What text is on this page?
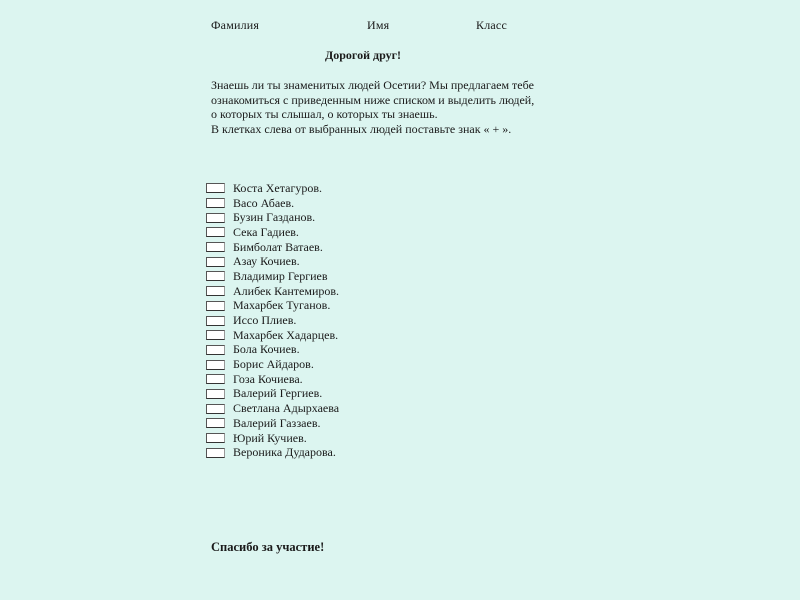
Фамилия	Имя	Класс
Дорогой друг!
Знаешь ли ты знаменитых людей Осетии? Мы предлагаем тебе
ознакомиться с приведенным ниже списком и выделить людей,
о которых ты слышал, о которых ты знаешь.
В клетках слева от выбранных людей поставьте знак « + ».
Коста Хетагуров.
Васо Абаев.
Бузин Газданов.
Сека Гадиев.
Бимболат Ватаев.
Азау Кочиев.
Владимир Гергиев
Алибек Кантемиров.
Махарбек Туганов.
Иссо Плиев.
Махарбек Хадарцев.
Бола Кочиев.
Борис Айдаров.
Гоза Кочиева.
Валерий Гергиев.
Светлана Адырхаева
Валерий Газзаев.
Юрий Кучиев.
Вероника Дударова.
Спасибо за участие!
